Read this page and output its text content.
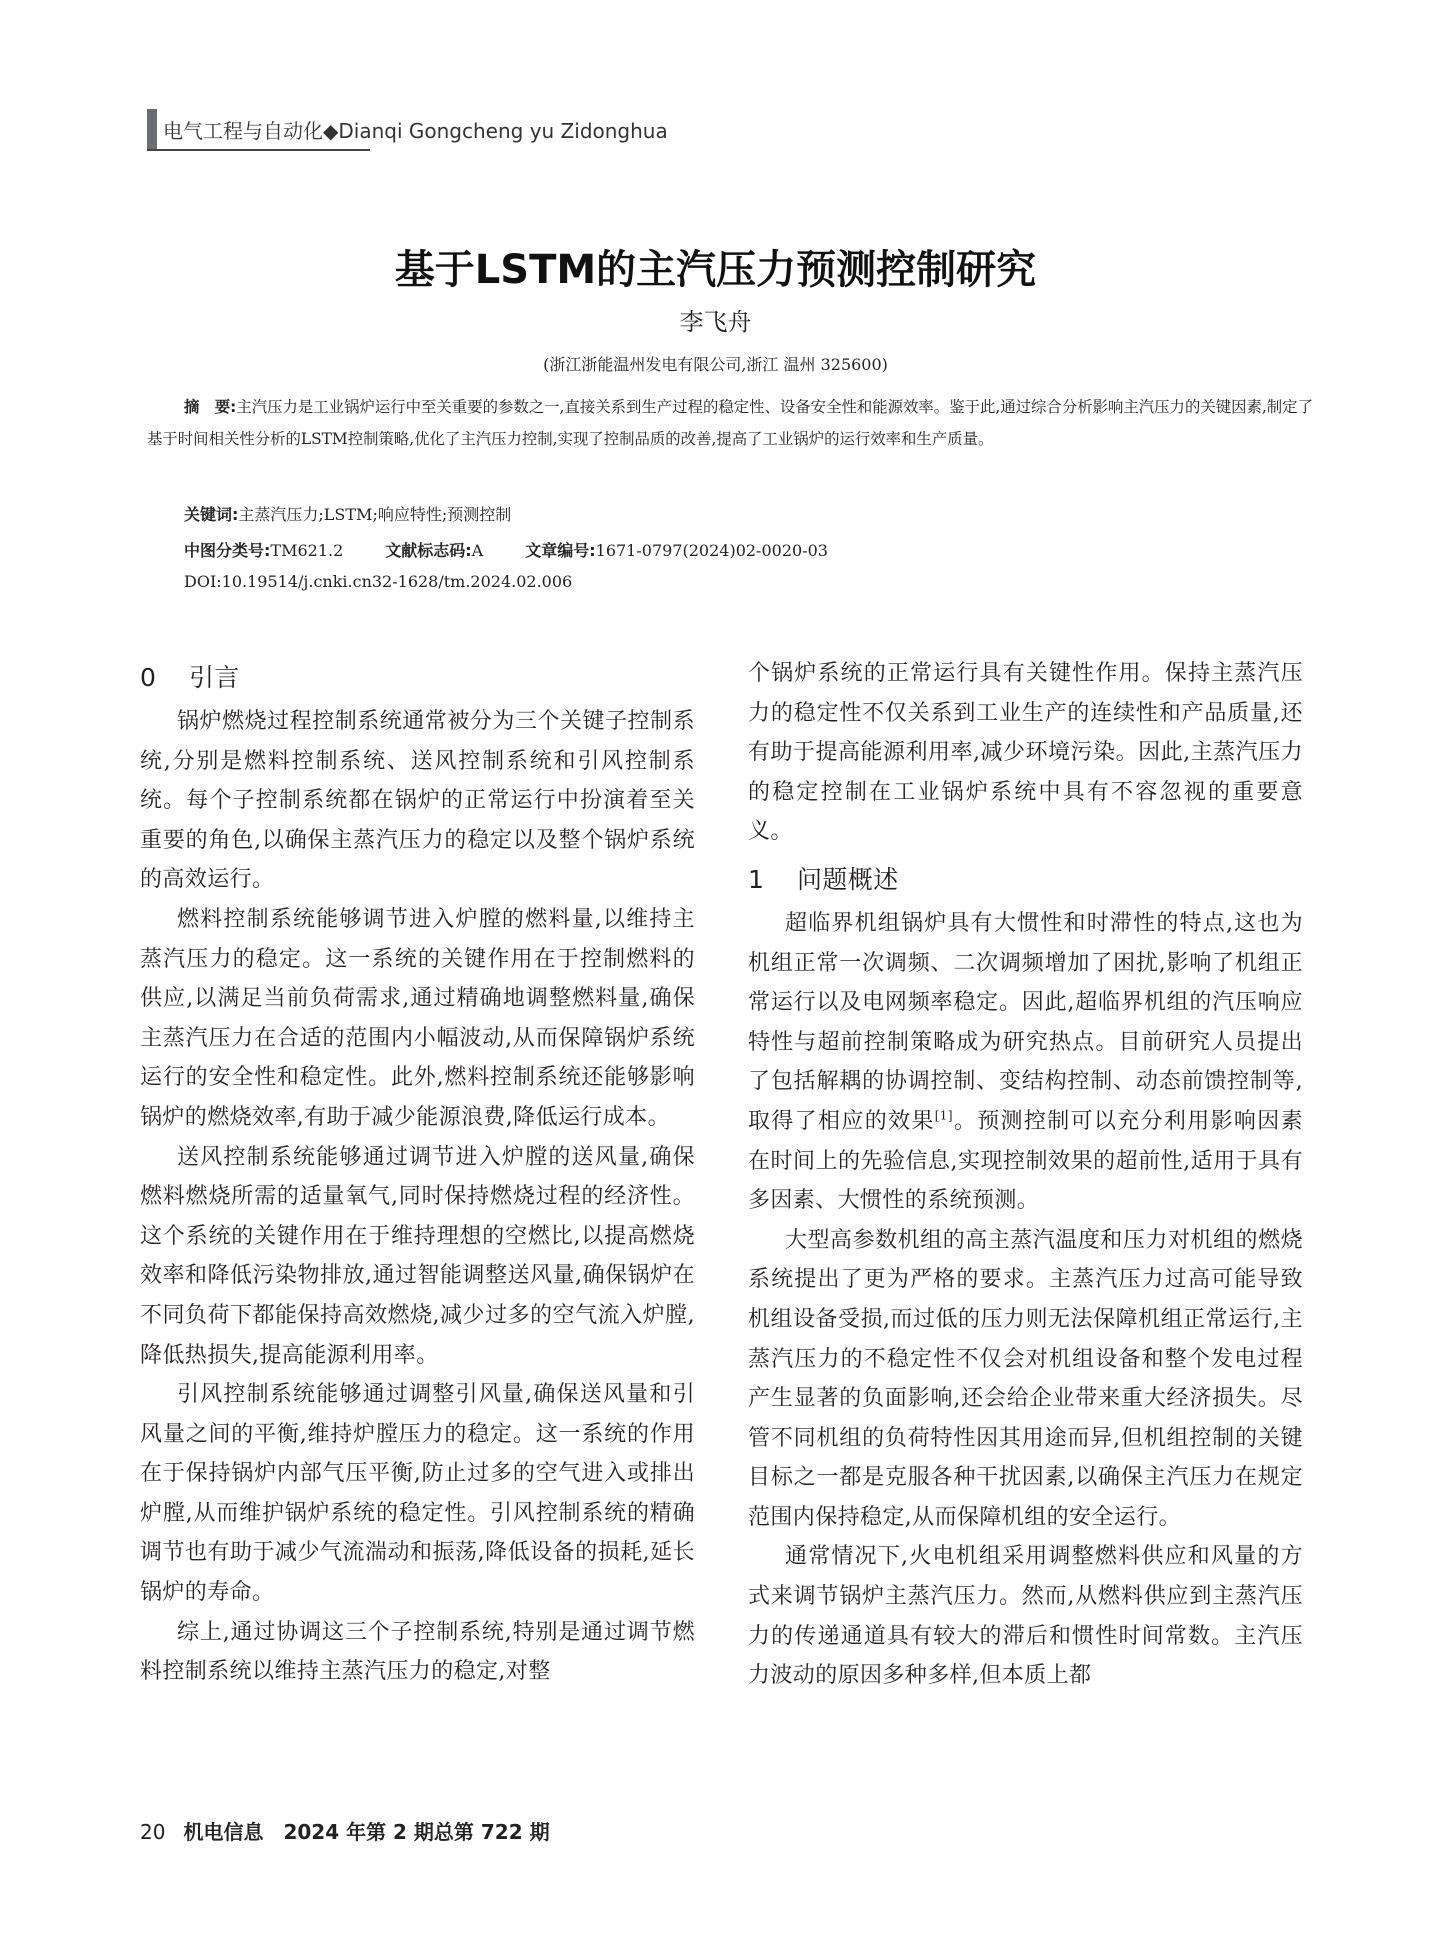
电气工程与自动化◆Dianqi Gongcheng yu Zidonghua
基于LSTM的主汽压力预测控制研究
李飞舟
(浙江浙能温州发电有限公司,浙江 温州 325600)

摘　要:主汽压力是工业锅炉运行中至关重要的参数之一,直接关系到生产过程的稳定性、设备安全性和能源效率。鉴于此,通过综合分析影响主汽压力的关键因素,制定了基于时间相关性分析的LSTM控制策略,优化了主汽压力控制,实现了控制品质的改善,提高了工业锅炉的运行效率和生产质量。

关键词:主蒸汽压力;LSTM;响应特性;预测控制
中图分类号:TM621.2	文献标志码:A	文章编号:1671-0797(2024)02-0020-03
DOI:10.19514/j.cnki.cn32-1628/tm.2024.02.006
0 引言

锅炉燃烧过程控制系统通常被分为三个关键子控制系统,分别是燃料控制系统、送风控制系统和引风控制系统。每个子控制系统都在锅炉的正常运行中扮演着至关重要的角色,以确保主蒸汽压力的稳定以及整个锅炉系统的高效运行。

燃料控制系统能够调节进入炉膛的燃料量,以维持主蒸汽压力的稳定。这一系统的关键作用在于控制燃料的供应,以满足当前负荷需求,通过精确地调整燃料量,确保主蒸汽压力在合适的范围内小幅波动,从而保障锅炉系统运行的安全性和稳定性。此外,燃料控制系统还能够影响锅炉的燃烧效率,有助于减少能源浪费,降低运行成本。

送风控制系统能够通过调节进入炉膛的送风量,确保燃料燃烧所需的适量氧气,同时保持燃烧过程的经济性。这个系统的关键作用在于维持理想的空燃比,以提高燃烧效率和降低污染物排放,通过智能调整送风量,确保锅炉在不同负荷下都能保持高效燃烧,减少过多的空气流入炉膛,降低热损失,提高能源利用率。

引风控制系统能够通过调整引风量,确保送风量和引风量之间的平衡,维持炉膛压力的稳定。这一系统的作用在于保持锅炉内部气压平衡,防止过多的空气进入或排出炉膛,从而维护锅炉系统的稳定性。引风控制系统的精确调节也有助于减少气流湍动和振荡,降低设备的损耗,延长锅炉的寿命。

综上,通过协调这三个子控制系统,特别是通过调节燃料控制系统以维持主蒸汽压力的稳定,对整

个锅炉系统的正常运行具有关键性作用。保持主蒸汽压力的稳定性不仅关系到工业生产的连续性和产品质量,还有助于提高能源利用率,减少环境污染。因此,主蒸汽压力的稳定控制在工业锅炉系统中具有不容忽视的重要意义。

1 问题概述

超临界机组锅炉具有大惯性和时滞性的特点,这也为机组正常一次调频、二次调频增加了困扰,影响了机组正常运行以及电网频率稳定。因此,超临界机组的汽压响应特性与超前控制策略成为研究热点。目前研究人员提出了包括解耦的协调控制、变结构控制、动态前馈控制等,取得了相应的效果[1]。预测控制可以充分利用影响因素在时间上的先验信息,实现控制效果的超前性,适用于具有多因素、大惯性的系统预测。

大型高参数机组的高主蒸汽温度和压力对机组的燃烧系统提出了更为严格的要求。主蒸汽压力过高可能导致机组设备受损,而过低的压力则无法保障机组正常运行,主蒸汽压力的不稳定性不仅会对机组设备和整个发电过程产生显著的负面影响,还会给企业带来重大经济损失。尽管不同机组的负荷特性因其用途而异,但机组控制的关键目标之一都是克服各种干扰因素,以确保主汽压力在规定范围内保持稳定,从而保障机组的安全运行。

通常情况下,火电机组采用调整燃料供应和风量的方式来调节锅炉主蒸汽压力。然而,从燃料供应到主蒸汽压力的传递通道具有较大的滞后和惯性时间常数。主汽压力波动的原因多种多样,但本质上都

20 机电信息　2024 年第 2 期总第 722 期
